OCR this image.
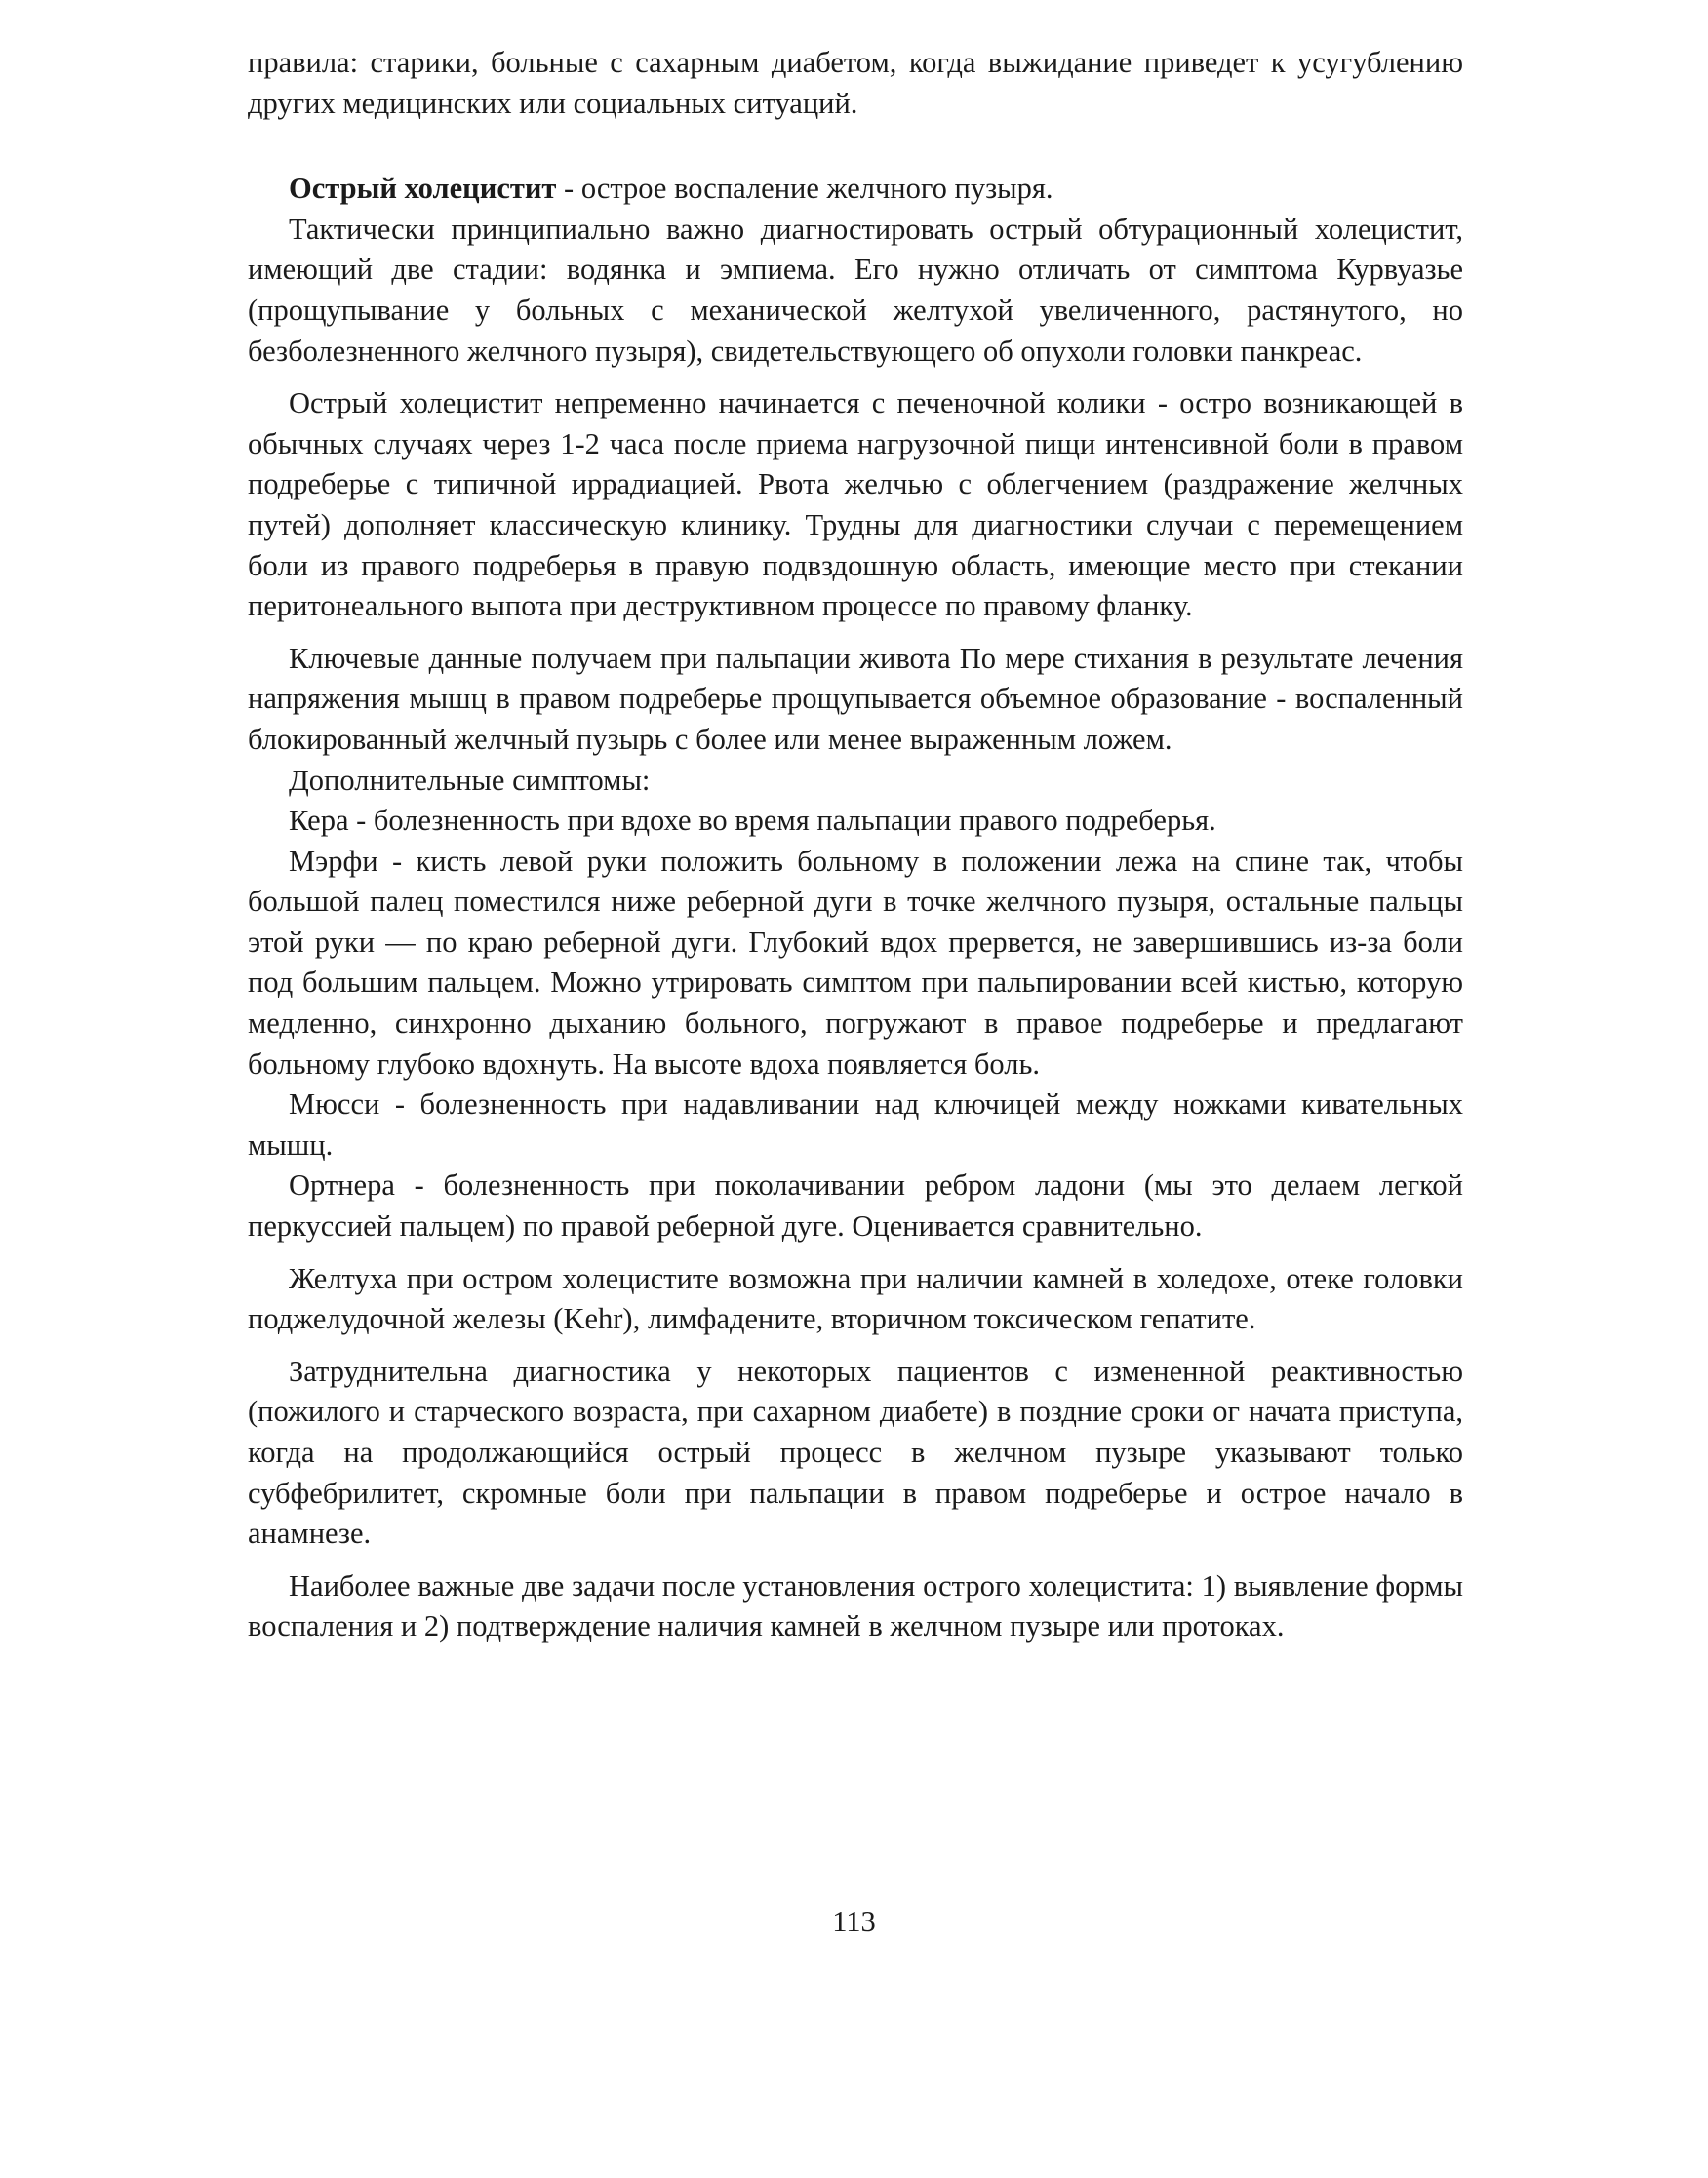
правила: старики, больные с сахарным диабетом, когда выжидание приведет к усугублению других медицинских или социальных ситуаций.

Острый холецистит - острое воспаление желчного пузыря.

Тактически принципиально важно диагностировать острый обтурационный холецистит, имеющий две стадии: водянка и эмпиема. Его нужно отличать от симптома Курвуазье (прощупывание у больных с механической желтухой увеличенного, растянутого, но безболезненного желчного пузыря), свидетельствующего об опухоли головки панкреас.

Острый холецистит непременно начинается с печеночной колики - остро возникающей в обычных случаях через 1-2 часа после приема нагрузочной пищи интенсивной боли в правом подреберье с типичной иррадиацией. Рвота желчью с облегчением (раздражение желчных путей) дополняет классическую клинику. Трудны для диагностики случаи с перемещением боли из правого подреберья в правую подвздошную область, имеющие место при стекании перитонеального выпота при деструктивном процессе по правому фланку.

Ключевые данные получаем при пальпации живота По мере стихания в результате лечения напряжения мышц в правом подреберье прощупывается объемное образование - воспаленный блокированный желчный пузырь с более или менее выраженным ложем.

Дополнительные симптомы:

Кера - болезненность при вдохе во время пальпации правого подреберья.

Мэрфи - кисть левой руки положить больному в положении лежа на спине так, чтобы большой палец поместился ниже реберной дуги в точке желчного пузыря, остальные пальцы этой руки — по краю реберной дуги. Глубокий вдох прервется, не завершившись из-за боли под большим пальцем. Можно утрировать симптом при пальпировании всей кистью, которую медленно, синхронно дыханию больного, погружают в правое подреберье и предлагают больному глубоко вдохнуть. На высоте вдоха появляется боль.

Мюсси - болезненность при надавливании над ключицей между ножками кивательных мышц.

Ортнера - болезненность при поколачивании ребром ладони (мы это делаем легкой перкуссией пальцем) по правой реберной дуге. Оценивается сравнительно.

Желтуха при остром холецистите возможна при наличии камней в холедохе, отеке головки поджелудочной железы (Kehr), лимфадените, вторичном токсическом гепатите.

Затруднительна диагностика у некоторых пациентов с измененной реактивностью (пожилого и старческого возраста, при сахарном диабете) в поздние сроки ог начата приступа, когда на продолжающийся острый процесс в желчном пузыре указывают только субфебрилитет, скромные боли при пальпации в правом подреберье и острое начало в анамнезе.

Наиболее важные две задачи после установления острого холецистита: 1) выявление формы воспаления и 2) подтверждение наличия камней в желчном пузыре или протоках.

113
